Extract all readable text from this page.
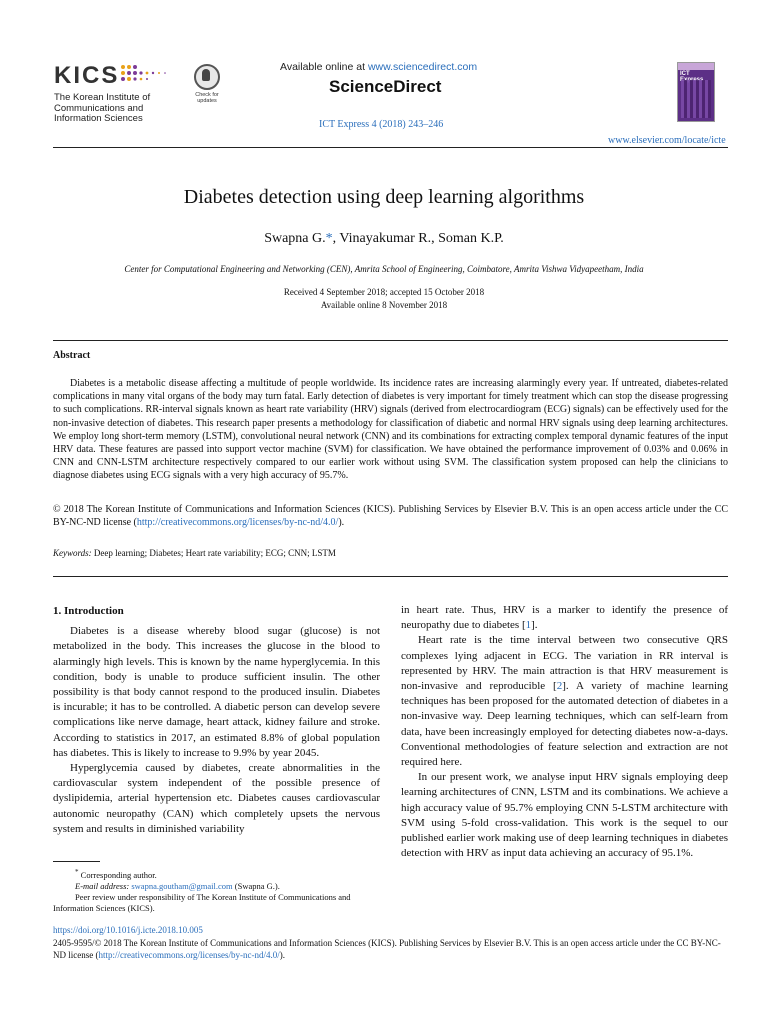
KICS
The Korean Institute of
Communications and
Information Sciences
Check for updates
Available online at www.sciencedirect.com
ScienceDirect
ICT Express 4 (2018) 243–246
ICT
www.elsevier.com/locate/icte
Diabetes detection using deep learning algorithms
Swapna G.*, Vinayakumar R., Soman K.P.
Center for Computational Engineering and Networking (CEN), Amrita School of Engineering, Coimbatore, Amrita Vishwa Vidyapeetham, India
Received 4 September 2018; accepted 15 October 2018
Available online 8 November 2018
Abstract

Diabetes is a metabolic disease affecting a multitude of people worldwide. Its incidence rates are increasing alarmingly every year. If untreated, diabetes-related complications in many vital organs of the body may turn fatal. Early detection of diabetes is very important for timely treatment which can stop the disease progressing to such complications. RR-interval signals known as heart rate variability (HRV) signals (derived from electrocardiogram (ECG) signals) can be effectively used for the non-invasive detection of diabetes. This research paper presents a methodology for classification of diabetic and normal HRV signals using deep learning architectures. We employ long short-term memory (LSTM), convolutional neural network (CNN) and its combinations for extracting complex temporal dynamic features of the input HRV data. These features are passed into support vector machine (SVM) for classification. We have obtained the performance improvement of 0.03% and 0.06% in CNN and CNN-LSTM architecture respectively compared to our earlier work without using SVM. The classification system proposed can help the clinicians to diagnose diabetes using ECG signals with a very high accuracy of 95.7%.

© 2018 The Korean Institute of Communications and Information Sciences (KICS). Publishing Services by Elsevier B.V. This is an open access article under the CC BY-NC-ND license (http://creativecommons.org/licenses/by-nc-nd/4.0/).
Keywords: Deep learning; Diabetes; Heart rate variability; ECG; CNN; LSTM
1. Introduction

Diabetes is a disease whereby blood sugar (glucose) is not metabolized in the body. This increases the glucose in the blood to alarmingly high levels. This is known by the name hyperglycemia. In this condition, body is unable to produce sufficient insulin. The other possibility is that body cannot respond to the produced insulin. Diabetes is incurable; it has to be controlled. A diabetic person can develop severe complications like nerve damage, heart attack, kidney failure and stroke. According to statistics in 2017, an estimated 8.8% of global population has diabetes. This is likely to increase to 9.9% by year 2045.

Hyperglycemia caused by diabetes, create abnormalities in the cardiovascular system independent of the possible presence of dyslipidemia, arterial hypertension etc. Diabetes causes cardiovascular autonomic neuropathy (CAN) which completely upsets the nervous system and results in diminished variability

in heart rate. Thus, HRV is a marker to identify the presence of neuropathy due to diabetes [1].

Heart rate is the time interval between two consecutive QRS complexes lying adjacent in ECG. The variation in RR interval is represented by HRV. The main attraction is that HRV measurement is non-invasive and reproducible [2]. A variety of machine learning techniques has been proposed for the automated detection of diabetes in a non-invasive way. Deep learning techniques, which can self-learn from data, have been increasingly employed for detecting diabetes now-a-days. Conventional methodologies of feature selection and extraction are not required here.

In our present work, we analyse input HRV signals employing deep learning architectures of CNN, LSTM and its combinations. We achieve a high accuracy value of 95.7% employing CNN 5-LSTM architecture with SVM using 5-fold cross-validation. This work is the sequel to our published earlier work making use of deep learning techniques in diabetes detection with HRV as input data achieving an accuracy of 95.1%.

* Corresponding author.
E-mail address: swapna.goutham@gmail.com (Swapna G.).
Peer review under responsibility of The Korean Institute of Communications and Information Sciences (KICS).
https://doi.org/10.1016/j.icte.2018.10.005
2405-9595/© 2018 The Korean Institute of Communications and Information Sciences (KICS). Publishing Services by Elsevier B.V. This is an open access article under the CC BY-NC-ND license (http://creativecommons.org/licenses/by-nc-nd/4.0/).
